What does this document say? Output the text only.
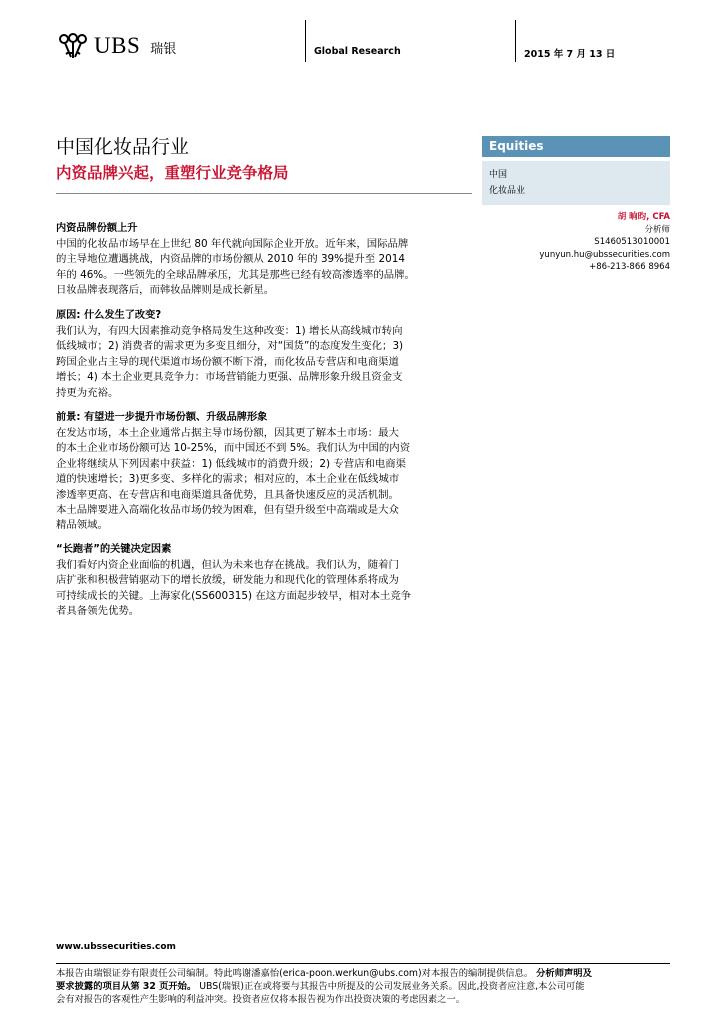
UBS 瑞银	Global Research	2015 年 7 月 13 日
中国化妆品行业
内资品牌兴起，重塑行业竞争格局
Equities
中国
化妆品业
胡 晌昀, CFA
分析师
S1460513010001
yunyun.hu@ubssecurities.com
+86-213-866 8964
内资品牌份额上升
中国的化妆品市场早在上世纪 80 年代就向国际企业开放。近年来，国际品牌
的主导地位遭遇挑战，内资品牌的市场份额从 2010 年的 39%提升至 2014
年的 46%。一些领先的全球品牌承压，尤其是那些已经有较高渗透率的品牌。
日妆品牌表现落后，而韩妆品牌则是成长新星。
原因: 什么发生了改变?
我们认为，有四大因素推动竞争格局发生这种改变：1) 增长从高线城市转向
低线城市；2) 消费者的需求更为多变且细分，对“国货”的态度发生变化；3)
跨国企业占主导的现代渠道市场份额不断下滑，而化妆品专营店和电商渠道
增长；4) 本土企业更具竞争力：市场营销能力更强、品牌形象升级且资金支
持更为充裕。
前景: 有望进一步提升市场份额、升级品牌形象
在发达市场，本土企业通常占据主导市场份额，因其更了解本土市场：最大
的本土企业市场份额可达 10-25%，而中国还不到 5%。我们认为中国的内资
企业将继续从下列因素中获益：1) 低线城市的消费升级；2) 专营店和电商渠
道的快速增长；3)更多变、多样化的需求；相对应的，本土企业在低线城市
渗透率更高、在专营店和电商渠道具备优势，且具备快速反应的灵活机制。
本土品牌要进入高端化妆品市场仍较为困难，但有望升级至中高端或是大众
精品领域。
“长跑者”的关键决定因素
我们看好内资企业面临的机遇，但认为未来也存在挑战。我们认为，随着门
店扩张和积极营销驱动下的增长放缓，研发能力和现代化的管理体系将成为
可持续成长的关键。上海家化(SS600315) 在这方面起步较早，相对本土竞争
者具备领先优势。
www.ubssecurities.com
本报告由瑞银证券有限责任公司编制。特此鸣谢潘嘉怡(erica-poon.werkun@ubs.com)对本报告的编制提供信息。 分析师声明及
要求披露的项目从第 32 页开始。 UBS(瑞银)正在或将要与其报告中所提及的公司发展业务关系。因此,投资者应注意,本公司可能
会有对报告的客观性产生影响的利益冲突。投资者应仅将本报告视为作出投资决策的考虑因素之一。
